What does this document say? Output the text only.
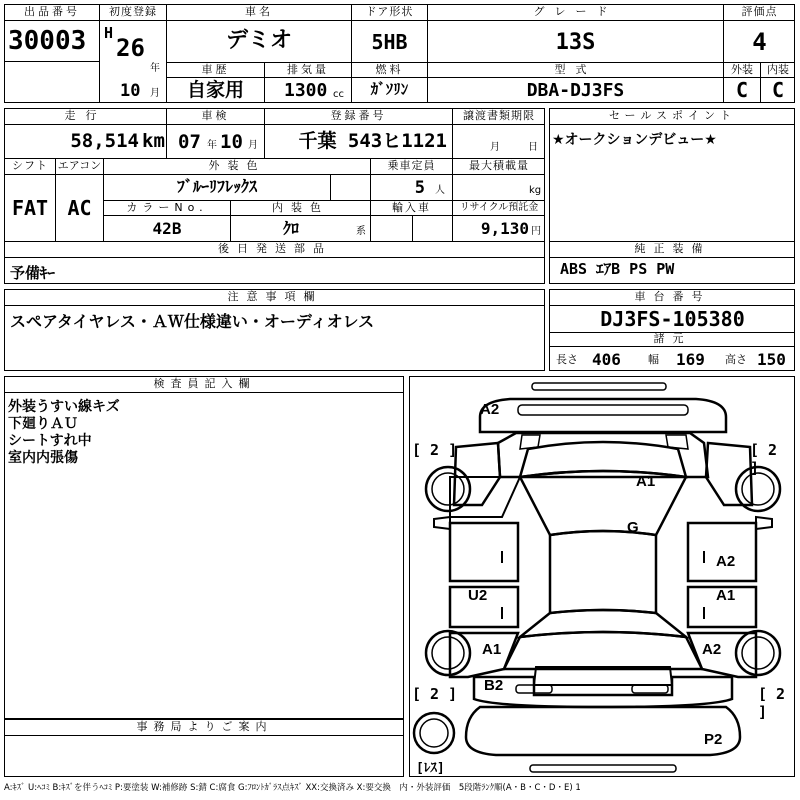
出品番号
30003
初度登録
H
26
年
10 月
車名
デミオ
ドア形状
5HB
グレード
13S
評価点
4
車歴
自家用
排気量
1300 cc
燃料
ｶﾞｿﾘﾝ
型式
DBA-DJ3FS
外装
C
内装
C
走行
58,514 km
車検
07 年 10 月
登録番号
千葉 543ヒ1121
譲渡書類期限
月	日
シフト
FAT
エアコン
AC
外装色
ﾌﾞﾙｰﾘﾌﾚｯｸｽ
乗車定員
5 人
最大積載量
kg
カラーNo.
42B
内装色
ｸﾛ	系
輸入車	リサイクル預託金
9,130 円
後日発送部品
予備ｷｰ
セールスポイント
★オークションデビュー★
純正装備
ABS ｴｱB PS PW
注意事項欄
スペアタイヤレス・ＡＷ仕様違い・オーディオレス
車台番号
DJ3FS-105380
諸元
長さ 406 幅 169 高さ 150
検査員記入欄
外装うすい線キズ
下廻りＡＵ
シートすれ中
室内内張傷
事務局よりご案内
A2
A1
G
A2
U2	A1
A1	A2
B2
P2
[ 2 ]	[ 2 ]
[ 2 ]	[ 2 ]
[ﾚｽ]
A:ｷｽﾞ U:ﾍｺﾐ B:ｷｽﾞを伴うﾍｺﾐ P:要塗装 W:補修跡 S:錆 C:腐食 G:ﾌﾛﾝﾄｶﾞﾗｽ点ｷｽﾞ XX:交換済み X:要交換　内・外装評価　5段階ﾗﾝｸ順(A・B・C・D・E) 1
